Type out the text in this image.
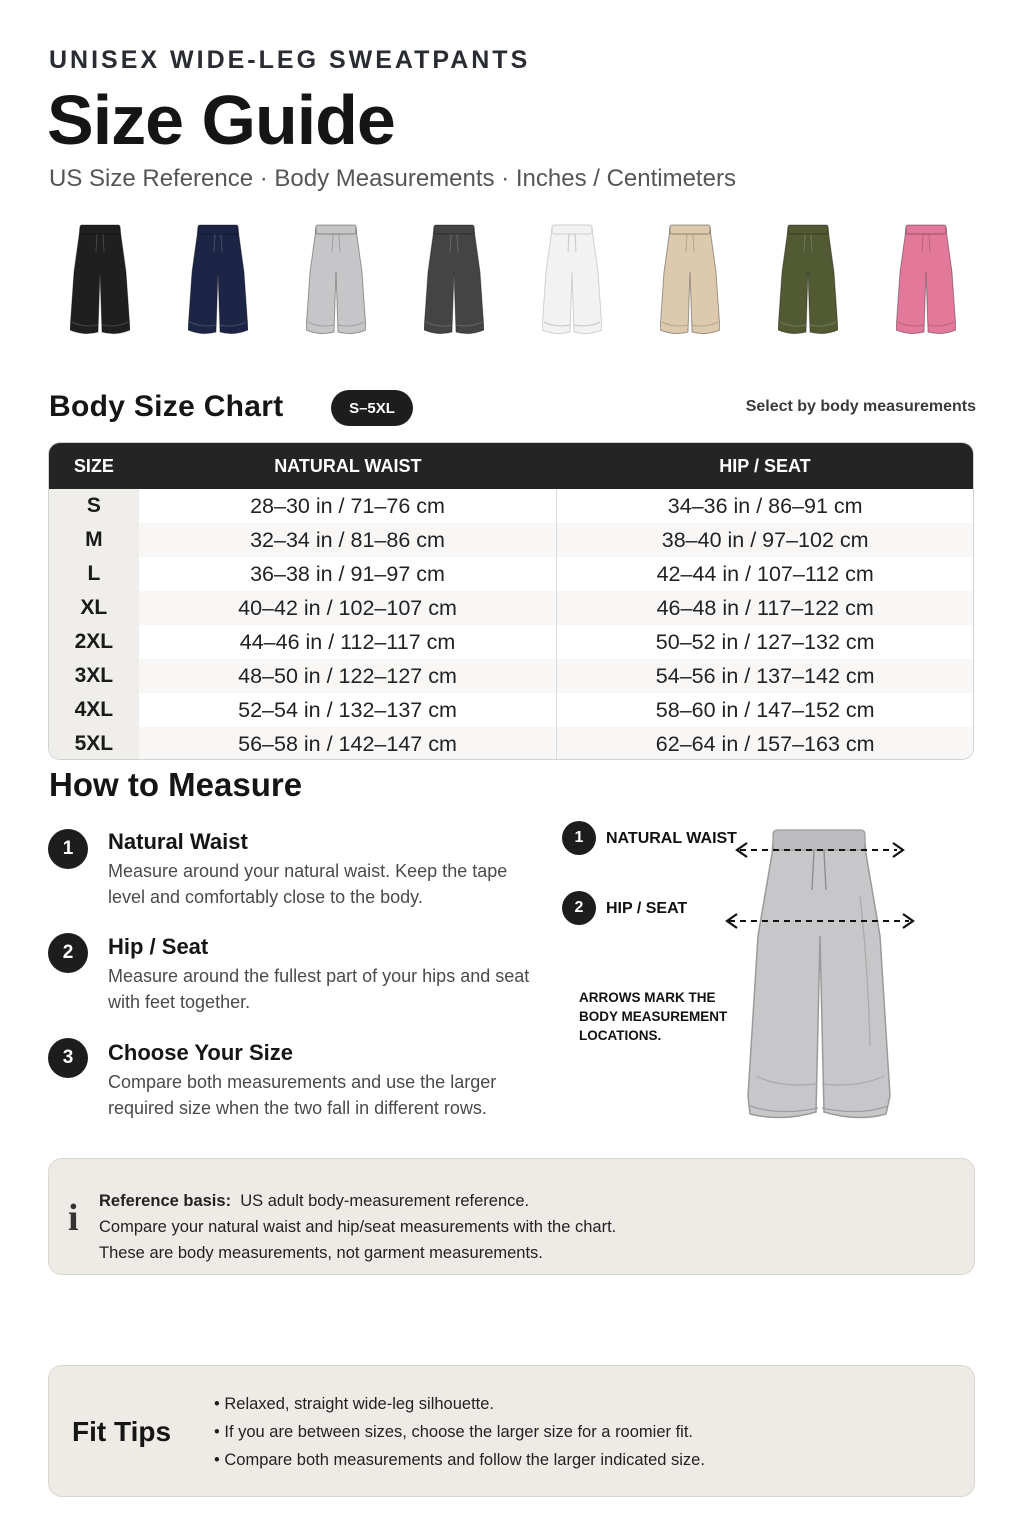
UNISEX WIDE-LEG SWEATPANTS
Size Guide
US Size Reference · Body Measurements · Inches / Centimeters
Body Size Chart	S–5XL	Select by body measurements
SIZE	NATURAL WAIST	HIP / SEAT
S	28–30 in / 71–76 cm	34–36 in / 86–91 cm
M	32–34 in / 81–86 cm	38–40 in / 97–102 cm
L	36–38 in / 91–97 cm	42–44 in / 107–112 cm
XL	40–42 in / 102–107 cm	46–48 in / 117–122 cm
2XL	44–46 in / 112–117 cm	50–52 in / 127–132 cm
3XL	48–50 in / 122–127 cm	54–56 in / 137–142 cm
4XL	52–54 in / 132–137 cm	58–60 in / 147–152 cm
5XL	56–58 in / 142–147 cm	62–64 in / 157–163 cm
How to Measure
1	Natural Waist
Measure around your natural waist. Keep the tape level and comfortably close to the body.
2	Hip / Seat
Measure around the fullest part of your hips and seat with feet together.
3	Choose Your Size
Compare both measurements and use the larger required size when the two fall in different rows.
1	NATURAL WAIST
2	HIP / SEAT
ARROWS MARK THE BODY MEASUREMENT LOCATIONS.
i Reference basis: US adult body-measurement reference.
Compare your natural waist and hip/seat measurements with the chart.
These are body measurements, not garment measurements.
Fit Tips
• Relaxed, straight wide-leg silhouette.
• If you are between sizes, choose the larger size for a roomier fit.
• Compare both measurements and follow the larger indicated size.
